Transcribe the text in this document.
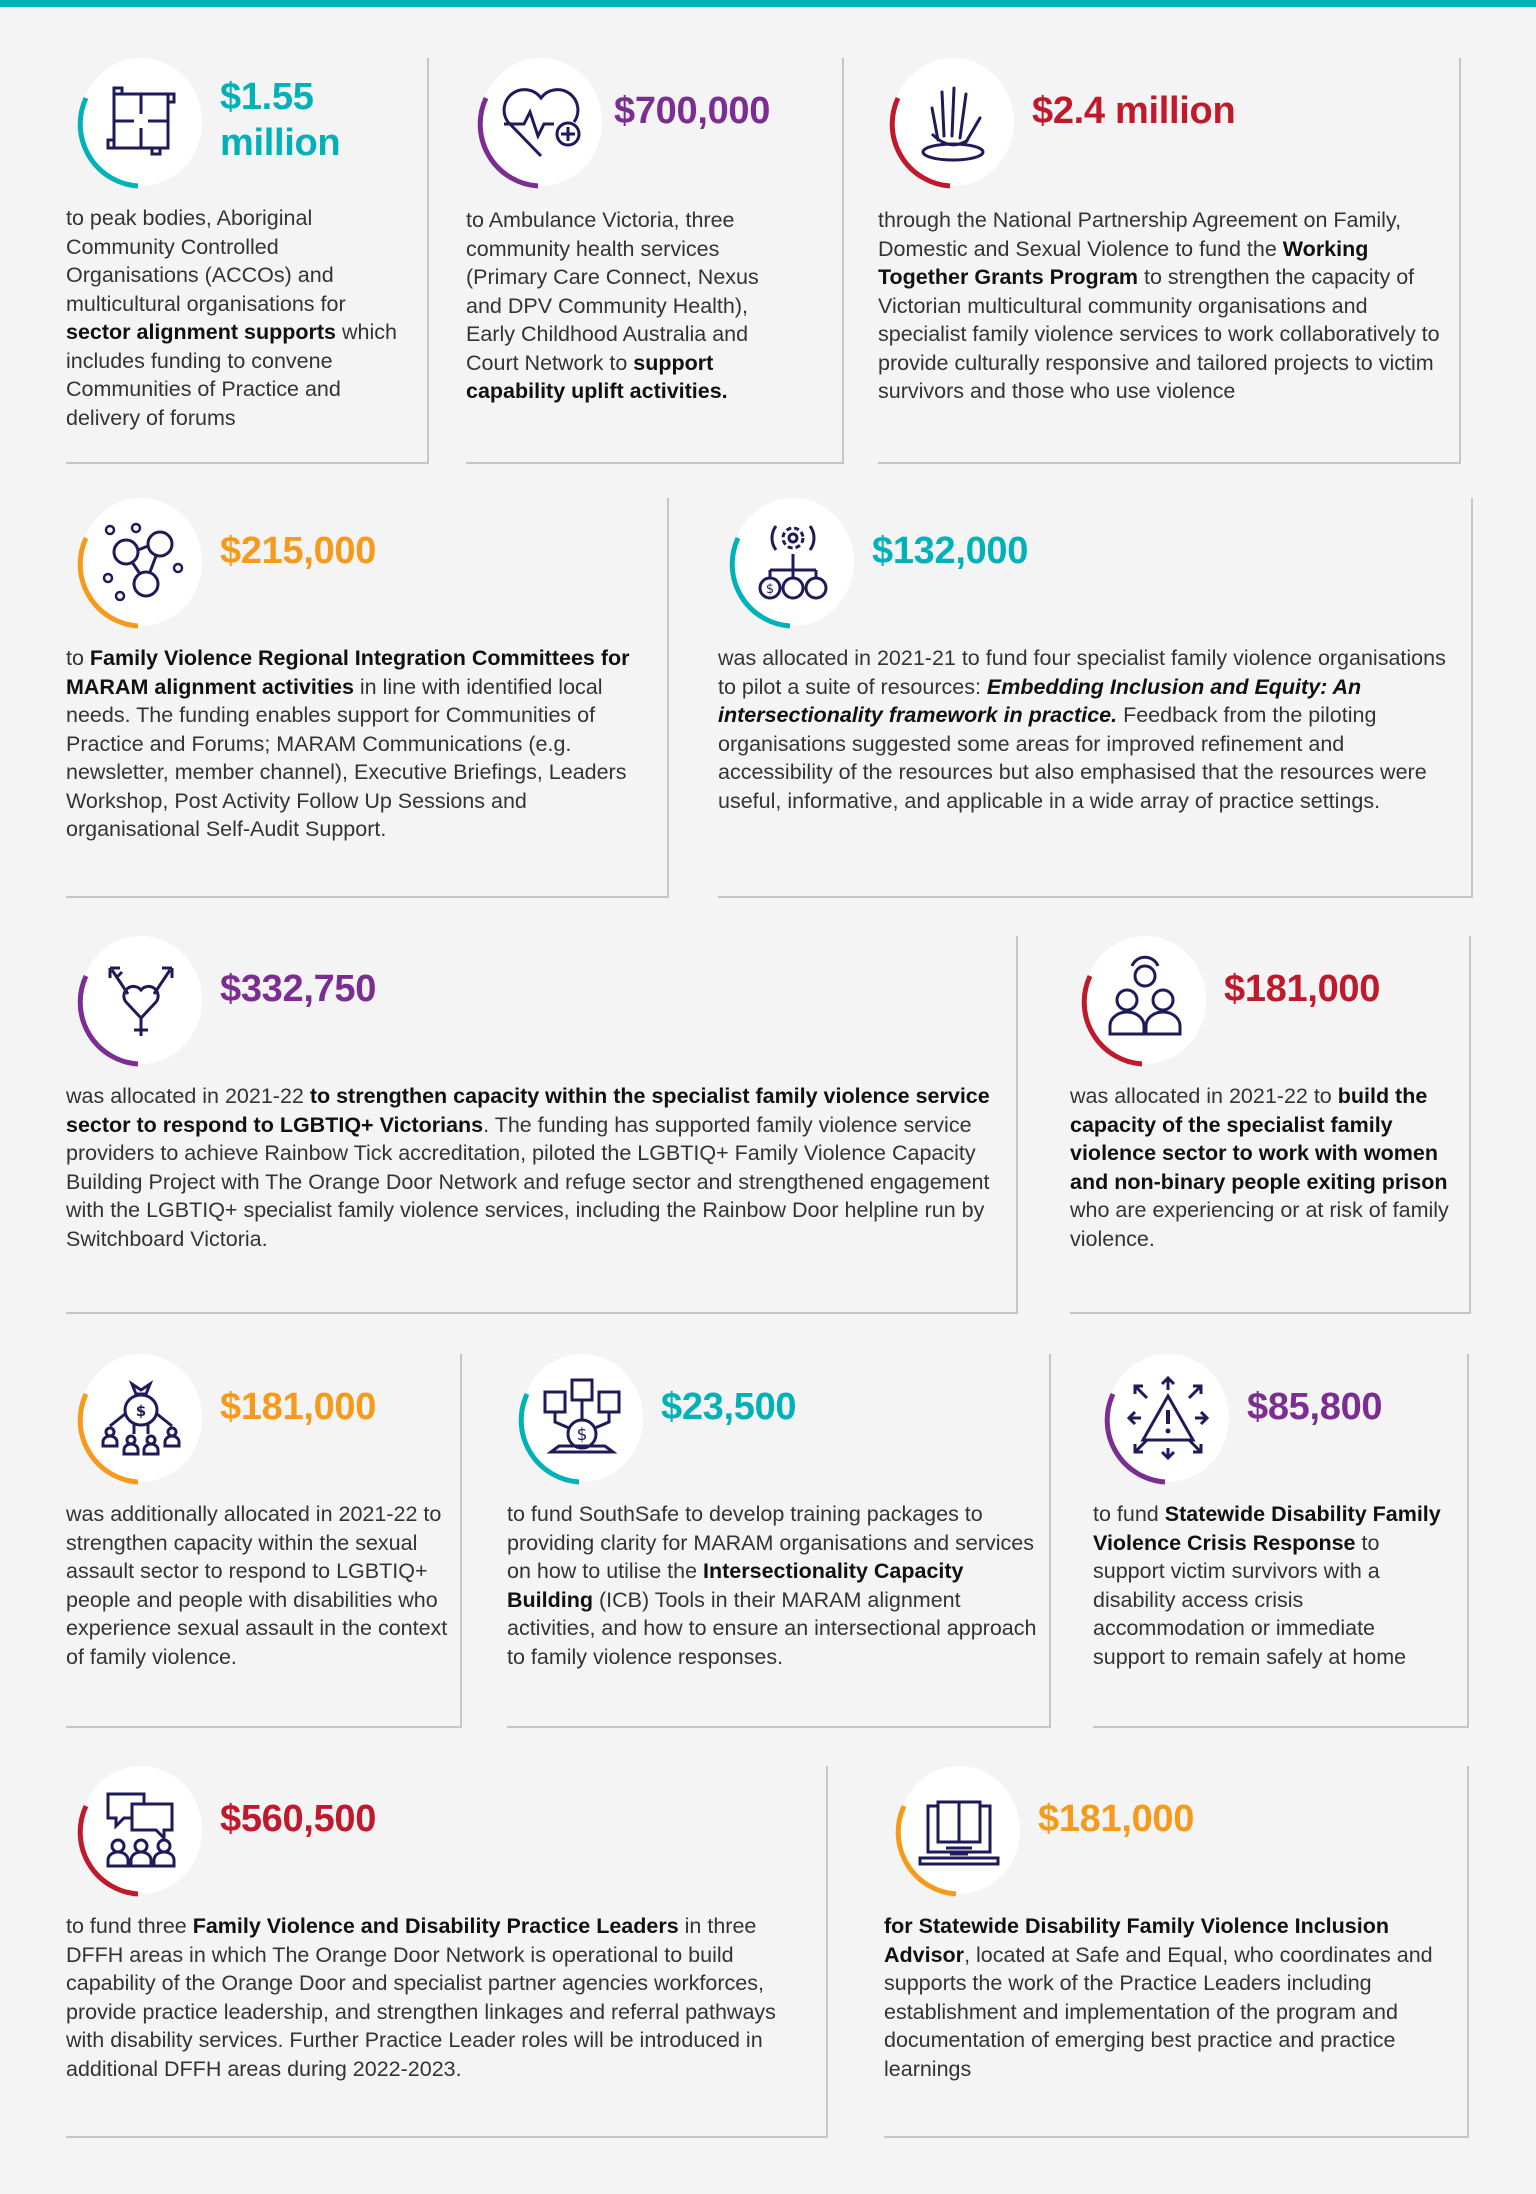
$1.55
million
to peak bodies, Aboriginal Community Controlled Organisations (ACCOs) and multicultural organisations for sector alignment supports which includes funding to convene Communities of Practice and delivery of forums
$700,000
to Ambulance Victoria, three community health services (Primary Care Connect, Nexus and DPV Community Health), Early Childhood Australia and Court Network to support capability uplift activities.
$2.4 million
through the National Partnership Agreement on Family, Domestic and Sexual Violence to fund the Working Together Grants Program to strengthen the capacity of Victorian multicultural community organisations and specialist family violence services to work collaboratively to provide culturally responsive and tailored projects to victim survivors and those who use violence
$215,000
to Family Violence Regional Integration Committees for MARAM alignment activities in line with identified local needs. The funding enables support for Communities of Practice and Forums; MARAM Communications (e.g. newsletter, member channel), Executive Briefings, Leaders Workshop, Post Activity Follow Up Sessions and organisational Self-Audit Support.
$
$132,000
was allocated in 2021-21 to fund four specialist family violence organisations to pilot a suite of resources: Embedding Inclusion and Equity: An intersectionality framework in practice. Feedback from the piloting organisations suggested some areas for improved refinement and accessibility of the resources but also emphasised that the resources were useful, informative, and applicable in a wide array of practice settings.
$332,750
was allocated in 2021-22 to strengthen capacity within the specialist family violence service sector to respond to LGBTIQ+ Victorians. The funding has supported family violence service providers to achieve Rainbow Tick accreditation, piloted the LGBTIQ+ Family Violence Capacity Building Project with The Orange Door Network and refuge sector and strengthened engagement with the LGBTIQ+ specialist family violence services, including the Rainbow Door helpline run by Switchboard Victoria.
$181,000
was allocated in 2021-22 to build the capacity of the specialist family violence sector to work with women and non-binary people exiting prison who are experiencing or at risk of family violence.
$ $181,000
was additionally allocated in 2021-22 to strengthen capacity within the sexual assault sector to respond to LGBTIQ+ people and people with disabilities who experience sexual assault in the context of family violence.
$
$23,500
to fund SouthSafe to develop training packages to providing clarity for MARAM organisations and services on how to utilise the Intersectionality Capacity Building (ICB) Tools in their MARAM alignment activities, and how to ensure an intersectional approach to family violence responses.
$85,800
to fund Statewide Disability Family Violence Crisis Response to support victim survivors with a disability access crisis accommodation or immediate support to remain safely at home
$560,500
to fund three Family Violence and Disability Practice Leaders in three DFFH areas in which The Orange Door Network is operational to build capability of the Orange Door and specialist partner agencies workforces, provide practice leadership, and strengthen linkages and referral pathways with disability services. Further Practice Leader roles will be introduced in additional DFFH areas during 2022-2023.
$181,000
for Statewide Disability Family Violence Inclusion Advisor, located at Safe and Equal, who coordinates and supports the work of the Practice Leaders including establishment and implementation of the program and documentation of emerging best practice and practice learnings
